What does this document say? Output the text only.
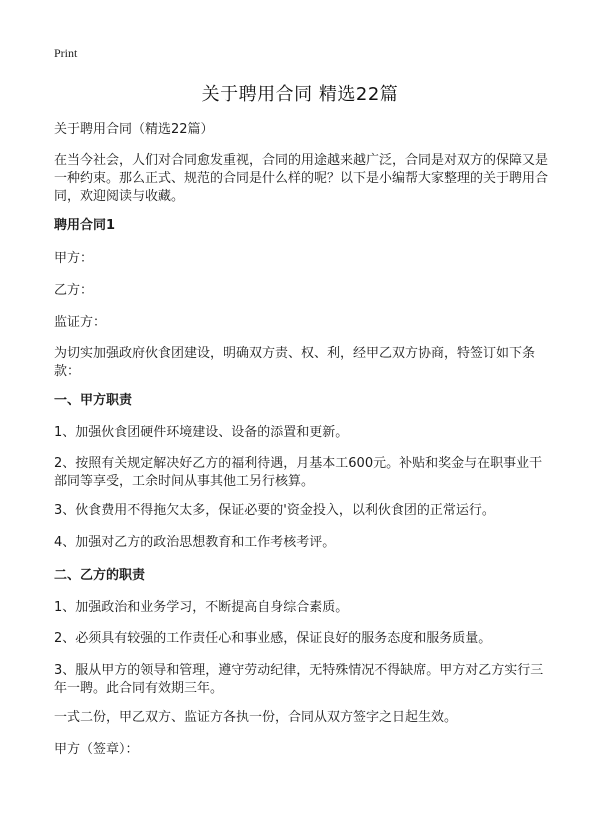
Print
关于聘用合同 精选22篇
关于聘用合同（精选22篇）
在当今社会，人们对合同愈发重视，合同的用途越来越广泛，合同是对双方的保障又是一种约束。那么正式、规范的合同是什么样的呢？以下是小编帮大家整理的关于聘用合同，欢迎阅读与收藏。
聘用合同1
甲方：
乙方：
监证方：
为切实加强政府伙食团建设，明确双方责、权、利，经甲乙双方协商，特签订如下条款：
一、甲方职责
1、加强伙食团硬件环境建设、设备的添置和更新。
2、按照有关规定解决好乙方的福利待遇，月基本工600元。补贴和奖金与在职事业干部同等享受，工余时间从事其他工另行核算。
3、伙食费用不得拖欠太多，保证必要的'资金投入，以利伙食团的正常运行。
4、加强对乙方的政治思想教育和工作考核考评。
二、乙方的职责
1、加强政治和业务学习，不断提高自身综合素质。
2、必须具有较强的工作责任心和事业感，保证良好的服务态度和服务质量。
3、服从甲方的领导和管理，遵守劳动纪律，无特殊情况不得缺席。甲方对乙方实行三年一聘。此合同有效期三年。
一式二份，甲乙双方、监证方各执一份，合同从双方签字之日起生效。
甲方（签章）：
